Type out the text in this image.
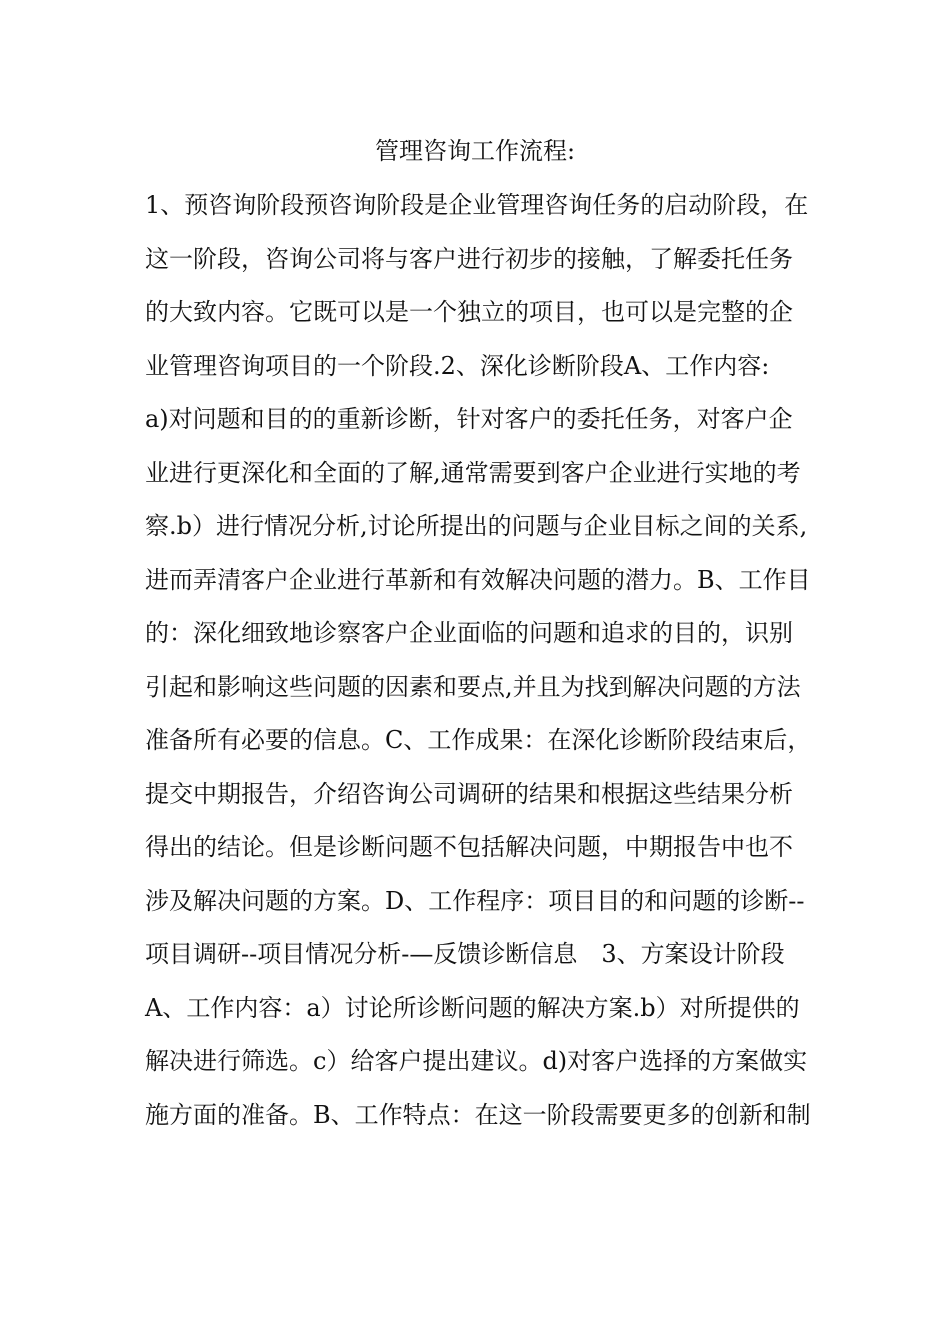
管理咨询工作流程:
1、预咨询阶段预咨询阶段是企业管理咨询任务的启动阶段，在
这一阶段，咨询公司将与客户进行初步的接触，了解委托任务
的大致内容。它既可以是一个独立的项目，也可以是完整的企
业管理咨询项目的一个阶段.2、深化诊断阶段A、工作内容:
a)对问题和目的的重新诊断，针对客户的委托任务，对客户企
业进行更深化和全面的了解,通常需要到客户企业进行实地的考
察.b）进行情况分析,讨论所提出的问题与企业目标之间的关系,
进而弄清客户企业进行革新和有效解决问题的潜力。B、工作目
的：深化细致地诊察客户企业面临的问题和追求的目的，识别
引起和影响这些问题的因素和要点,并且为找到解决问题的方法
准备所有必要的信息。C、工作成果：在深化诊断阶段结束后，
提交中期报告，介绍咨询公司调研的结果和根据这些结果分析
得出的结论。但是诊断问题不包括解决问题，中期报告中也不
涉及解决问题的方案。D、工作程序：项目目的和问题的诊断--
项目调研--项目情况分析-—反馈诊断信息　3、方案设计阶段
A、工作内容：a）讨论所诊断问题的解决方案.b）对所提供的
解决进行筛选。c）给客户提出建议。d)对客户选择的方案做实
施方面的准备。B、工作特点：在这一阶段需要更多的创新和制
